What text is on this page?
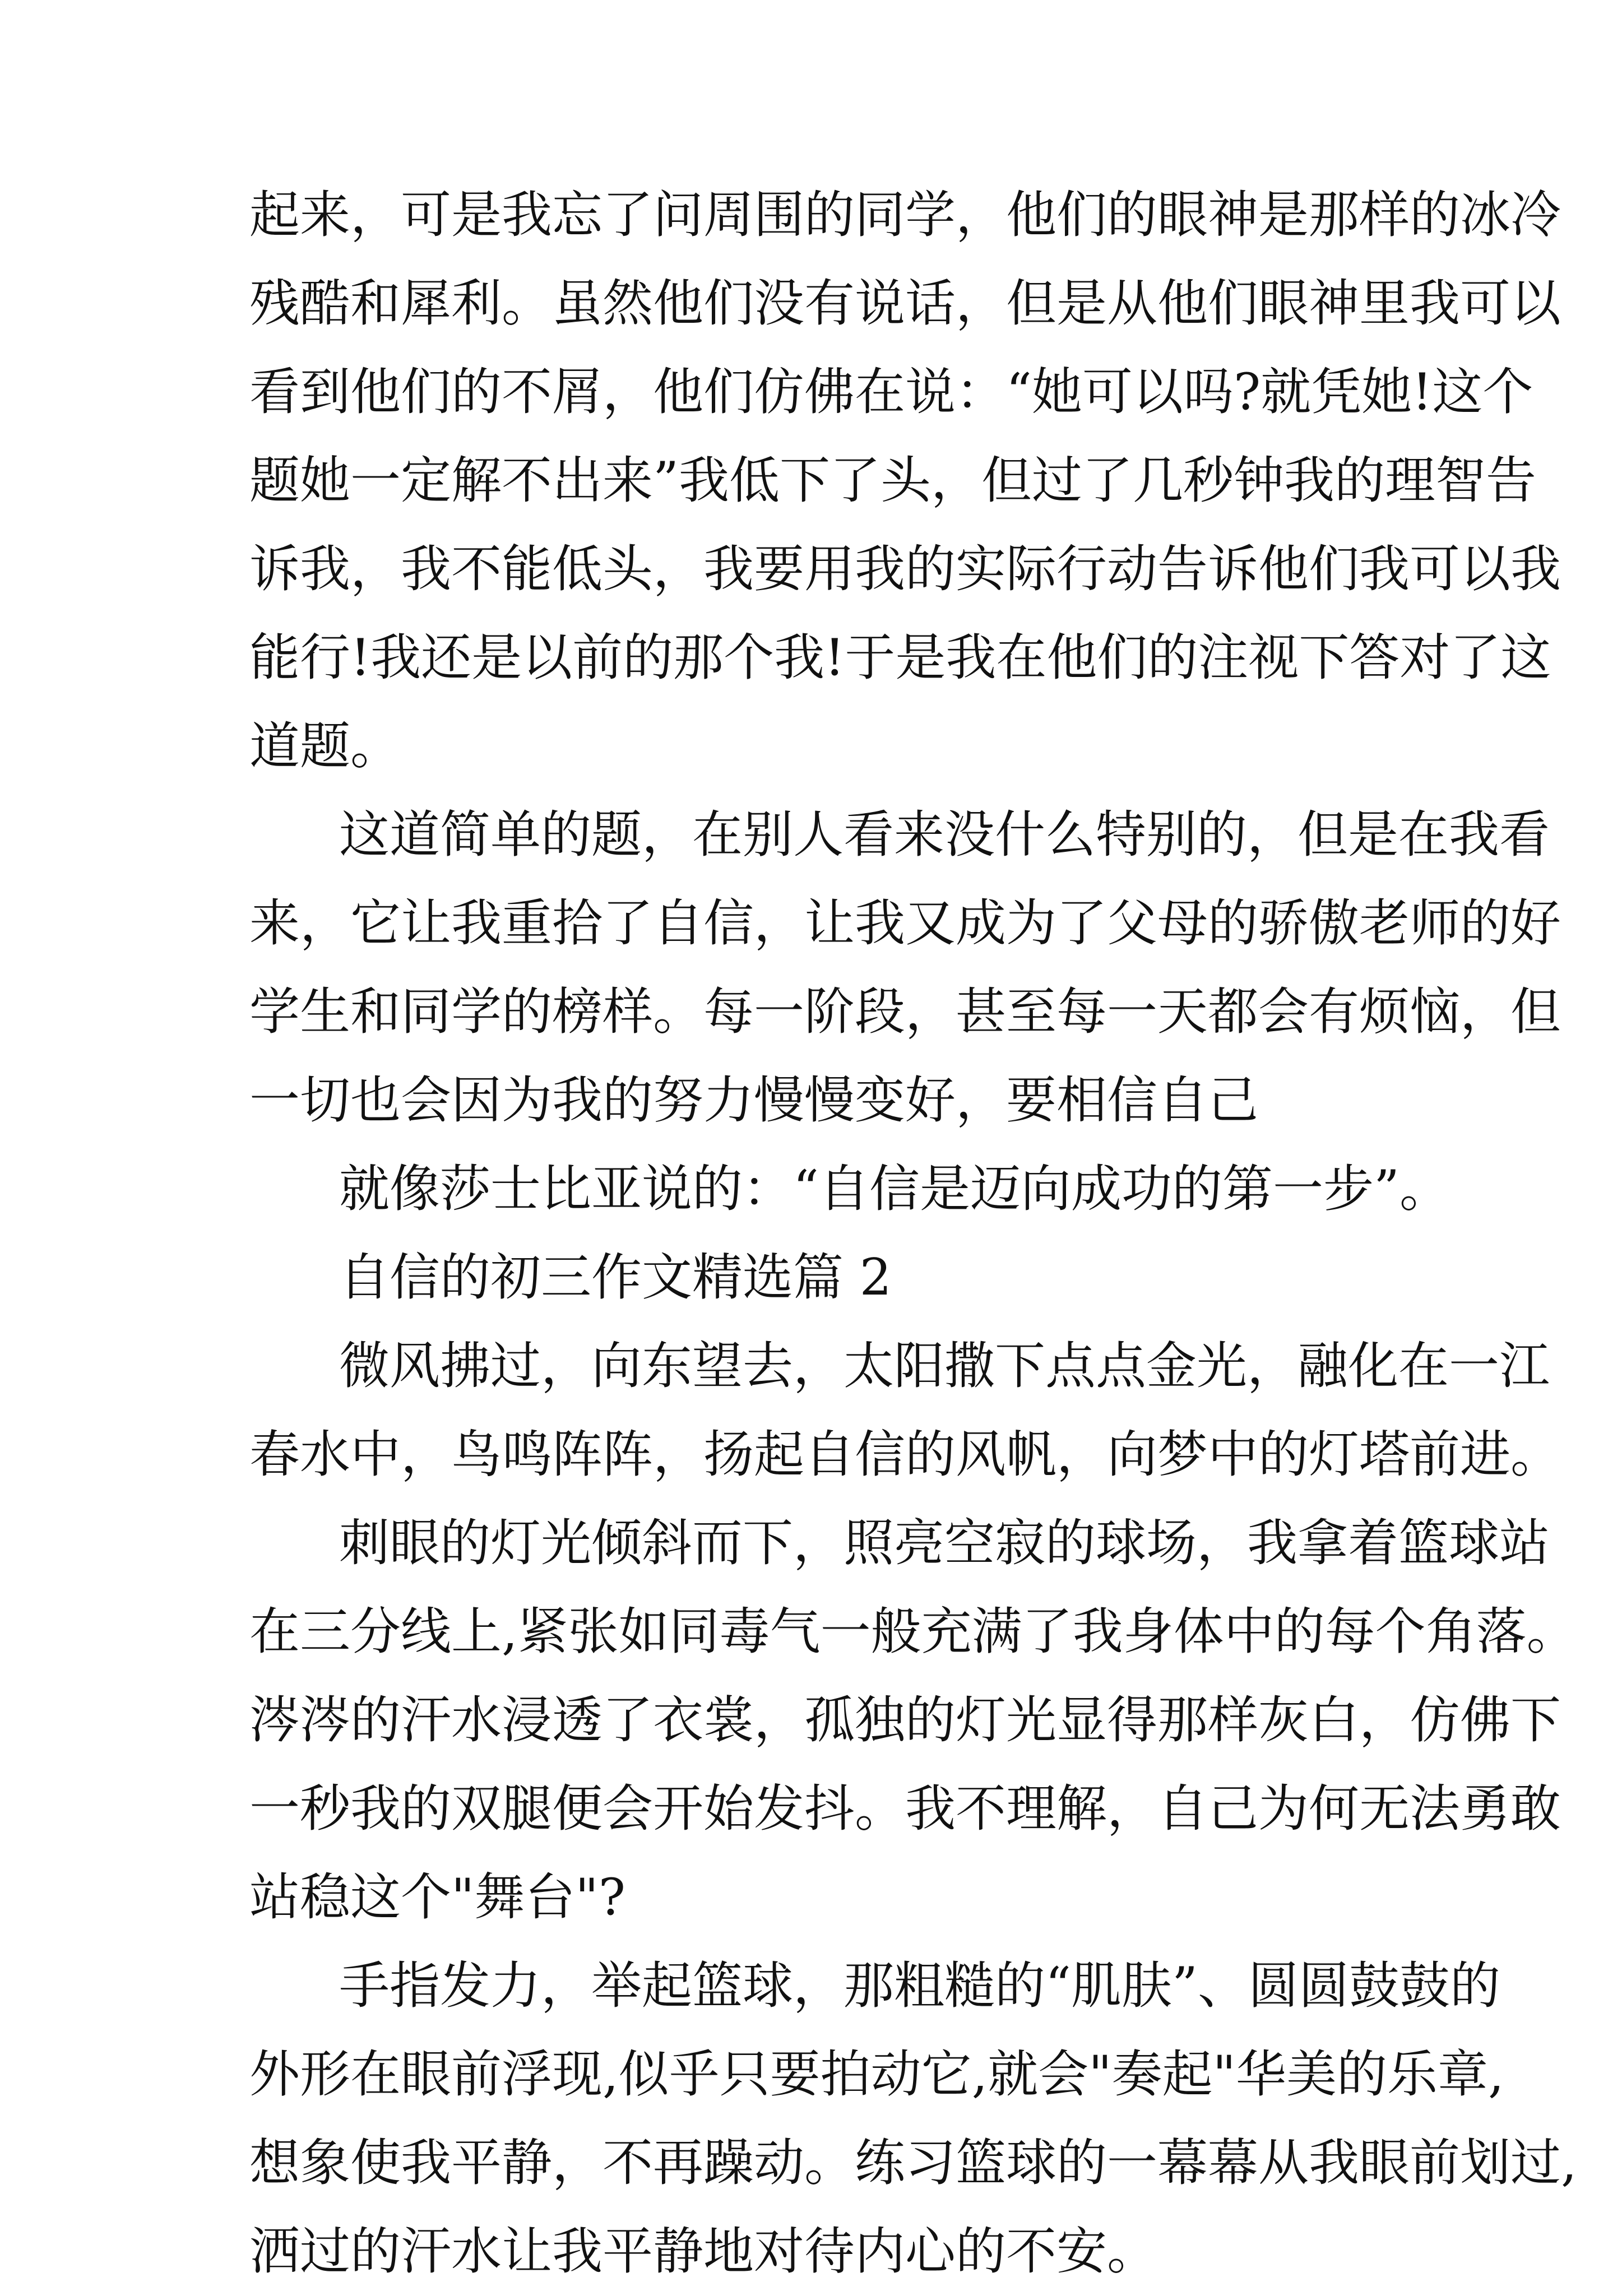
起来，可是我忘了问周围的同学，他们的眼神是那样的冰冷
残酷和犀利。虽然他们没有说话，但是从他们眼神里我可以
看到他们的不屑，他们仿佛在说：“她可以吗?就凭她!这个
题她一定解不出来”我低下了头，但过了几秒钟我的理智告
诉我，我不能低头，我要用我的实际行动告诉他们我可以我
能行!我还是以前的那个我!于是我在他们的注视下答对了这
道题。
这道简单的题，在别人看来没什么特别的，但是在我看
来，它让我重拾了自信，让我又成为了父母的骄傲老师的好
学生和同学的榜样。每一阶段，甚至每一天都会有烦恼，但
一切也会因为我的努力慢慢变好，要相信自己
就像莎士比亚说的：“自信是迈向成功的第一步”。
自信的初三作文精选篇 2
微风拂过，向东望去，太阳撒下点点金光，融化在一江
春水中，鸟鸣阵阵，扬起自信的风帆，向梦中的灯塔前进。
刺眼的灯光倾斜而下，照亮空寂的球场，我拿着篮球站
在三分线上,紧张如同毒气一般充满了我身体中的每个角落。
涔涔的汗水浸透了衣裳，孤独的灯光显得那样灰白，仿佛下
一秒我的双腿便会开始发抖。我不理解，自己为何无法勇敢
站稳这个"舞台"?
手指发力，举起篮球，那粗糙的“肌肤”、圆圆鼓鼓的
外形在眼前浮现,似乎只要拍动它,就会"奏起"华美的乐章,
想象使我平静，不再躁动。练习篮球的一幕幕从我眼前划过,
洒过的汗水让我平静地对待内心的不安。
